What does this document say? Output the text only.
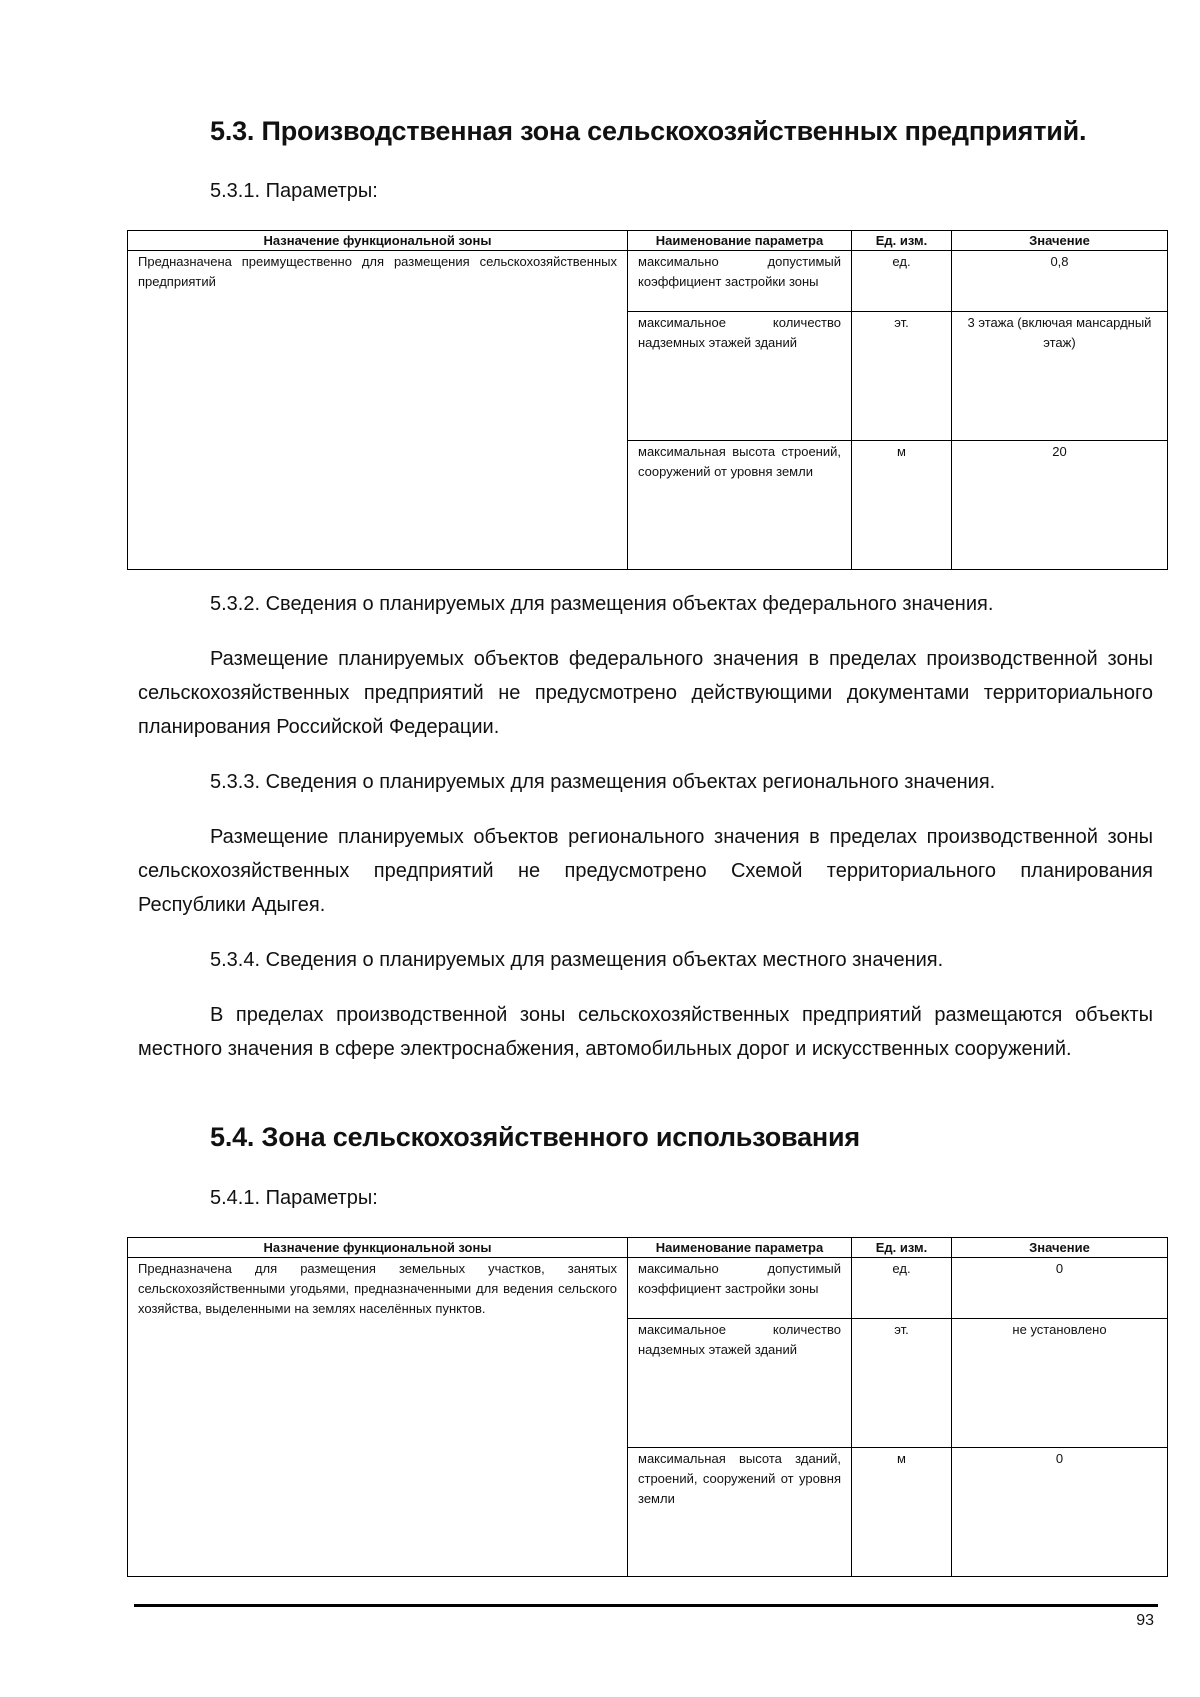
5.3. Производственная зона сельскохозяйственных предприятий.

5.3.1. Параметры:

Назначение функциональной зоны	Наименование параметра	Ед. изм.	Значение
Предназначена преимущественно для размещения сельскохозяйственных предприятий	максимально допустимый коэффициент застройки зоны	ед.	0,8
	максимальное количество надземных этажей зданий	эт.	3 этажа (включая мансардный этаж)
	максимальная высота строений, сооружений от уровня земли	м	20

5.3.2. Сведения о планируемых для размещения объектах федерального значения.

Размещение планируемых объектов федерального значения в пределах производственной зоны сельскохозяйственных предприятий не предусмотрено действующими документами территориального планирования Российской Федерации.

5.3.3. Сведения о планируемых для размещения объектах регионального значения.

Размещение планируемых объектов регионального значения в пределах производственной зоны сельскохозяйственных предприятий не предусмотрено Схемой территориального планирования Республики Адыгея.

5.3.4. Сведения о планируемых для размещения объектах местного значения.

В пределах производственной зоны сельскохозяйственных предприятий размещаются объекты местного значения в сфере электроснабжения, автомобильных дорог и искусственных сооружений.

5.4. Зона сельскохозяйственного использования

5.4.1. Параметры:

Назначение функциональной зоны	Наименование параметра	Ед. изм.	Значение
Предназначена для размещения земельных участков, занятых сельскохозяйственными угодьями, предназначенными для ведения сельского хозяйства, выделенными на землях населённых пунктов.	максимально допустимый коэффициент застройки зоны	ед.	0
	максимальное количество надземных этажей зданий	эт.	не установлено
	максимальная высота зданий, строений, сооружений от уровня земли	м	0
93
